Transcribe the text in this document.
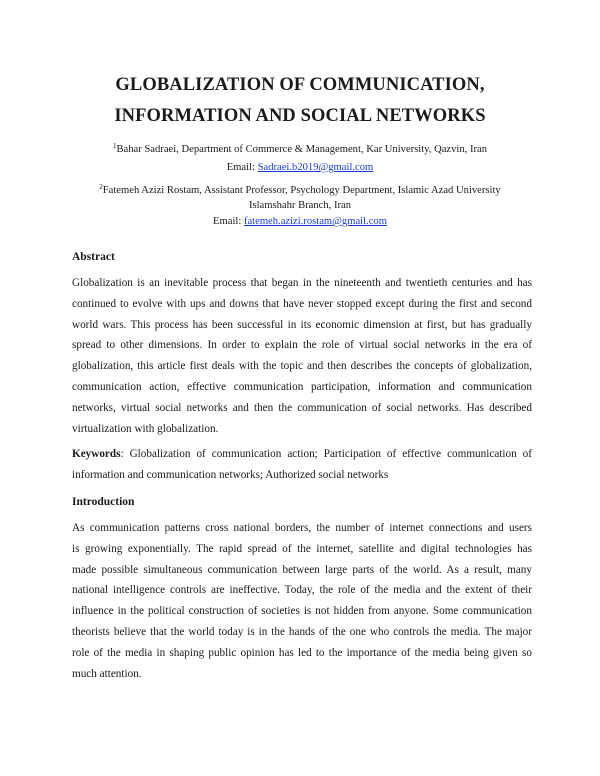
GLOBALIZATION OF COMMUNICATION,
INFORMATION AND SOCIAL NETWORKS
$^1$Bahar Sadraei, Department of Commerce & Management, Kar University, Qazvin, Iran
Email: Sadraei.b2019@gmail.com
$^2$Fatemeh Azizi Rostam, Assistant Professor, Psychology Department, Islamic Azad University
Islamshahr Branch, Iran
Email: fatemeh.azizi.rostam@gmail.com
Abstract
Globalization is an inevitable process that began in the nineteenth and twentieth centuries and has
continued to evolve with ups and downs that have never stopped except during the first and second
world wars. This process has been successful in its economic dimension at first, but has gradually
spread to other dimensions. In order to explain the role of virtual social networks in the era of
globalization, this article first deals with the topic and then describes the concepts of globalization,
communication action, effective communication participation, information and communication
networks, virtual social networks and then the communication of social networks. Has described
virtualization with globalization.
Keywords: Globalization of communication action; Participation of effective communication of
information and communication networks; Authorized social networks
Introduction
As communication patterns cross national borders, the number of internet connections and users
is growing exponentially. The rapid spread of the internet, satellite and digital technologies has
made possible simultaneous communication between large parts of the world. As a result, many
national intelligence controls are ineffective. Today, the role of the media and the extent of their
influence in the political construction of societies is not hidden from anyone. Some communication
theorists believe that the world today is in the hands of the one who controls the media. The major
role of the media in shaping public opinion has led to the importance of the media being given so
much attention.
